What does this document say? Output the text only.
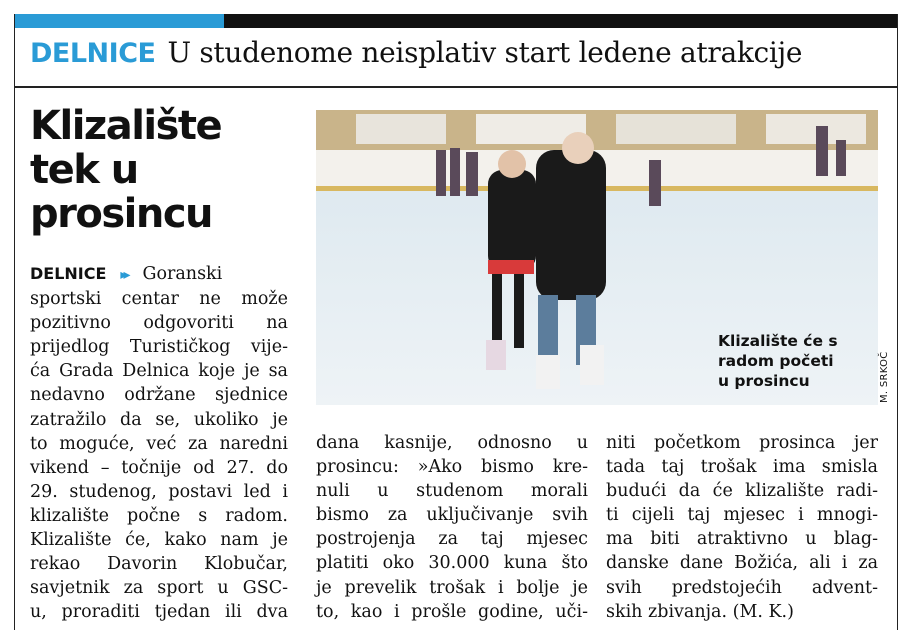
DELNICE U studenome neisplativ start ledene atrakcije
Klizalište
tek u
prosincu
DELNICE ▸▸ Goranski
sportski centar ne može
pozitivno odgovoriti na
prijedlog Turističkog vije-
ća Grada Delnica koje je sa
nedavno održane sjednice
zatražilo da se, ukoliko je
to moguće, već za naredni
vikend – točnije od 27. do
29. studenog, postavi led i
klizalište počne s radom.
Klizalište će, kako nam je
rekao Davorin Klobučar,
savjetnik za sport u GSC-
u, proraditi tjedan ili dva

Klizalište će s
radom početi
u prosincu	M. SRKOČ
dana kasnije, odnosno u
prosincu: »Ako bismo kre-
nuli u studenom morali
bismo za uključivanje svih
postrojenja za taj mjesec
platiti oko 30.000 kuna što
je prevelik trošak i bolje je
to, kao i prošle godine, uči-
niti početkom prosinca jer
tada taj trošak ima smisla
budući da će klizalište radi-
ti cijeli taj mjesec i mnogi-
ma biti atraktivno u blag-
danske dane Božića, ali i za
svih predstojećih advent-
skih zbivanja. (M. K.)
